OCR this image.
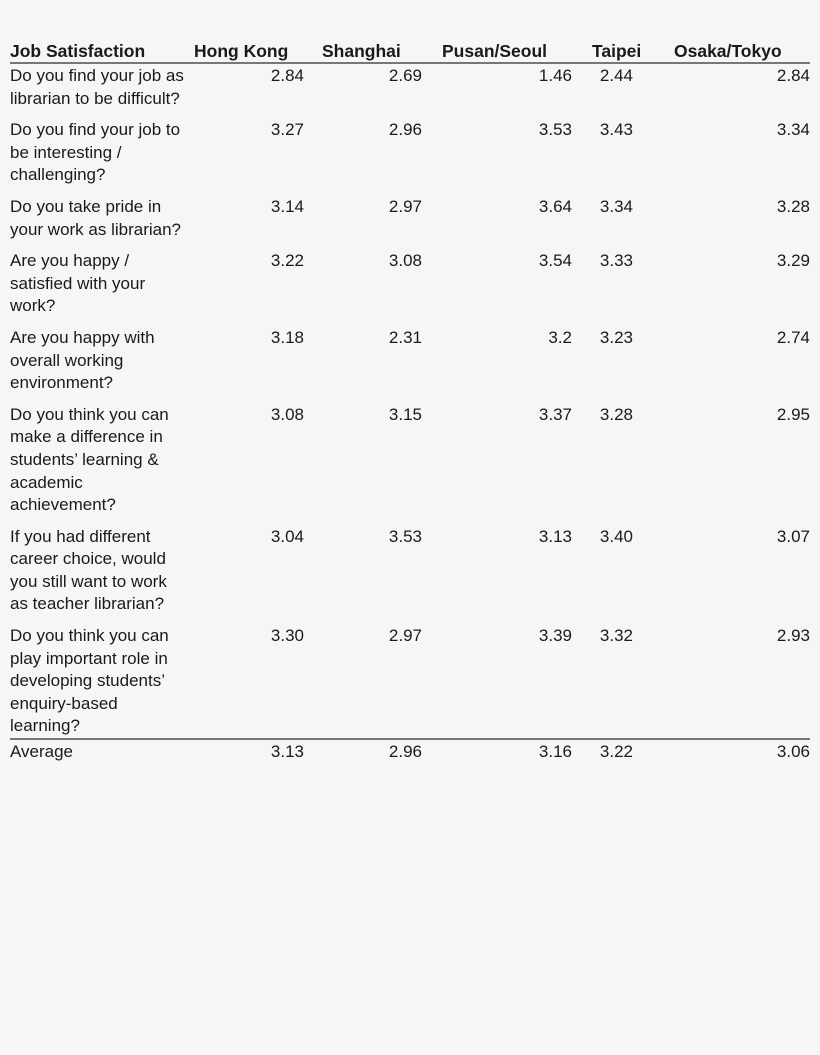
Job Satisfaction	Hong Kong	Shanghai	Pusan/Seoul	Taipei	Osaka/Tokyo
Do you find your job as librarian to be difficult?	2.84	2.69	1.46	2.44	2.84
Do you find your job to be interesting / challenging?	3.27	2.96	3.53	3.43	3.34
Do you take pride in your work as librarian?	3.14	2.97	3.64	3.34	3.28
Are you happy / satisfied with your work?	3.22	3.08	3.54	3.33	3.29
Are you happy with overall working environment?	3.18	2.31	3.2	3.23	2.74
Do you think you can make a difference in students’ learning & academic achievement?	3.08	3.15	3.37	3.28	2.95
If you had different career choice, would you still want to work as teacher librarian?	3.04	3.53	3.13	3.40	3.07
Do you think you can play important role in developing students’ enquiry-based learning?	3.30	2.97	3.39	3.32	2.93
Average	3.13	2.96	3.16	3.22	3.06
